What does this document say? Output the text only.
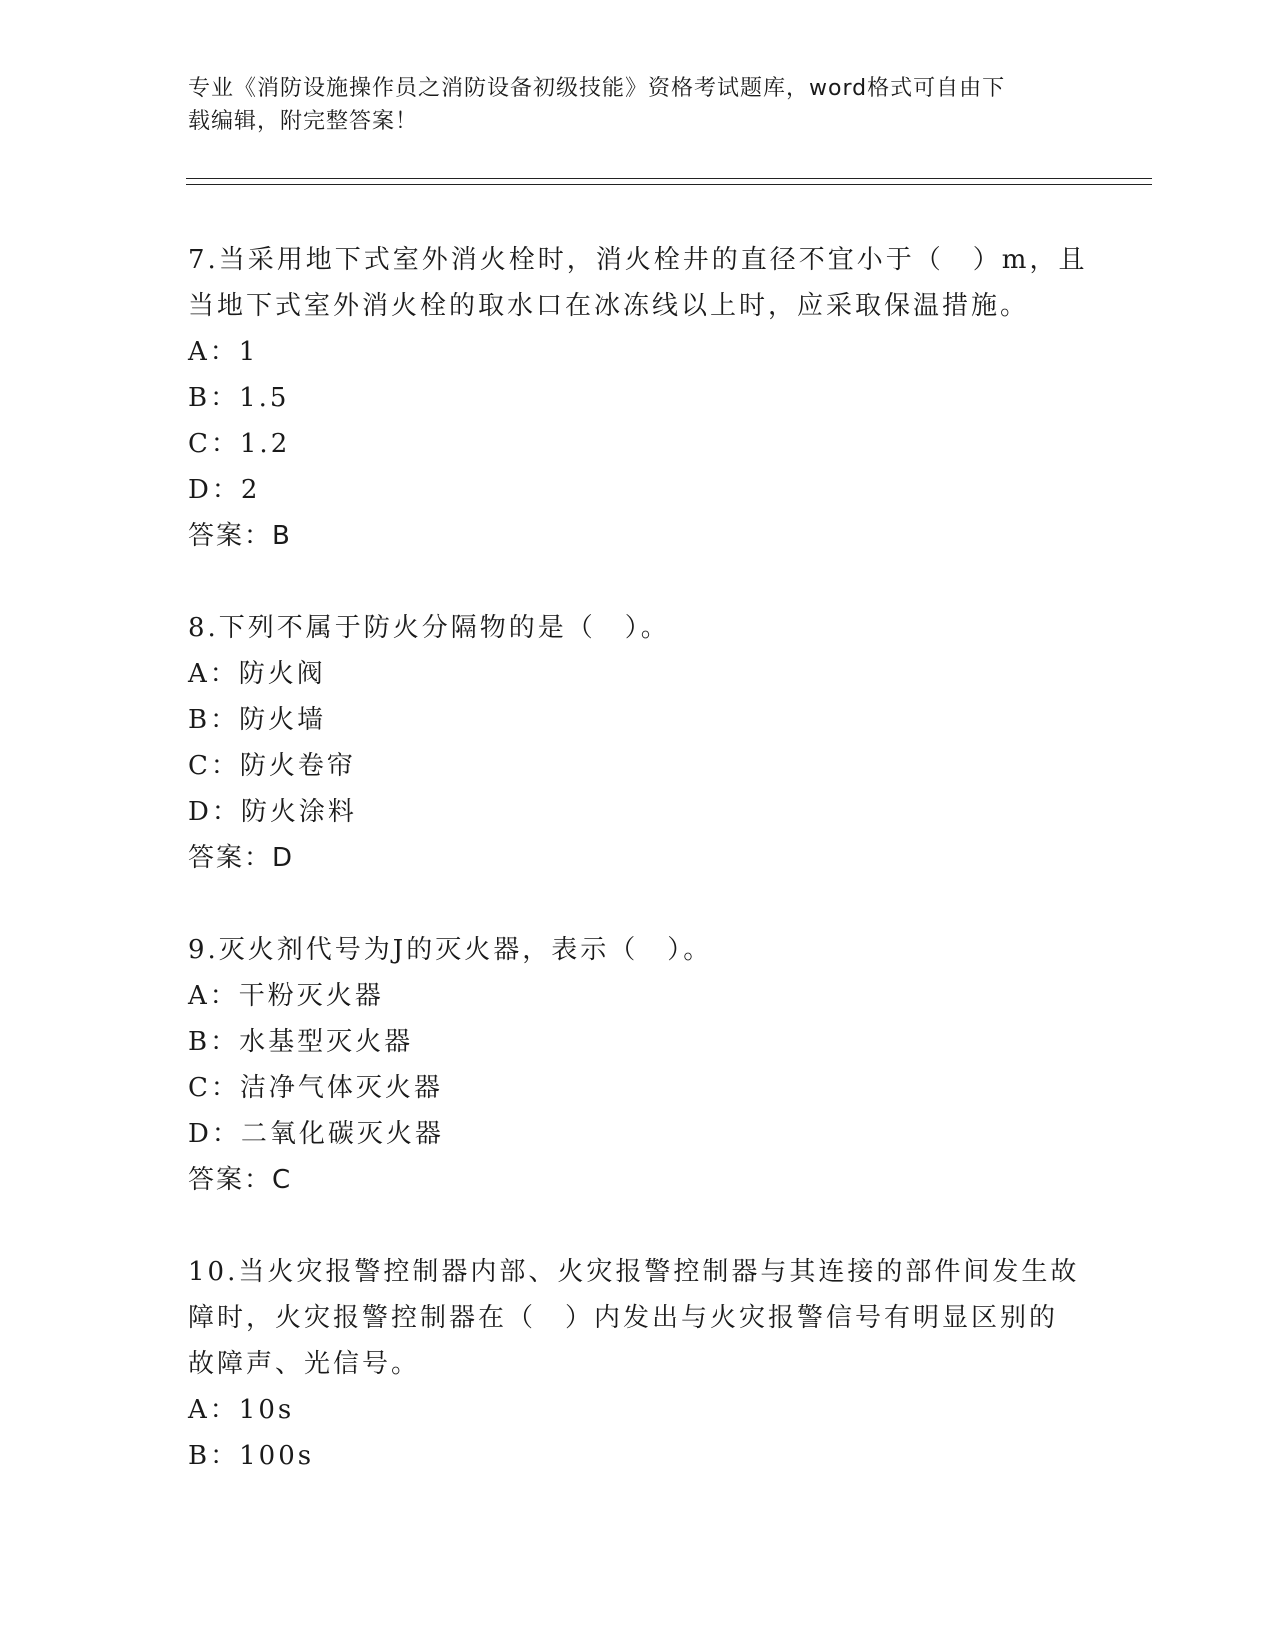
专业《消防设施操作员之消防设备初级技能》资格考试题库，word格式可自由下
载编辑，附完整答案！

7.当采用地下式室外消火栓时，消火栓井的直径不宜小于（　）m，且
当地下式室外消火栓的取水口在冰冻线以上时，应采取保温措施。

A：1

B：1.5

C：1.2

D：2

答案：B

8.下列不属于防火分隔物的是（　）。

A：防火阀

B：防火墙

C：防火卷帘

D：防火涂料

答案：D

9.灭火剂代号为J的灭火器，表示（　）。

A：干粉灭火器

B：水基型灭火器

C：洁净气体灭火器

D：二氧化碳灭火器

答案：C

10.当火灾报警控制器内部、火灾报警控制器与其连接的部件间发生故
障时，火灾报警控制器在（　）内发出与火灾报警信号有明显区别的
故障声、光信号。

A：10s

B：100s
